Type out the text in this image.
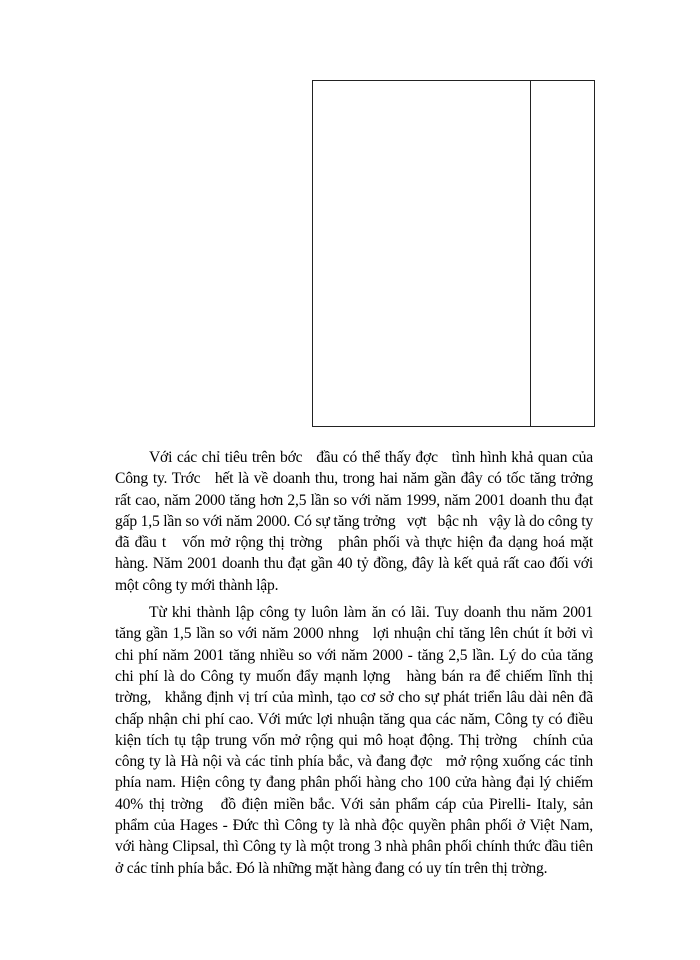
Với các chỉ tiêu trên bớc   đầu có thể thấy đợc   tình hình khả quan của
Công ty. Trớc   hết là về doanh thu, trong hai năm gần đây có tốc tăng trởng
rất cao, năm 2000 tăng hơn 2,5 lần so với năm 1999, năm 2001 doanh thu đạt
gấp 1,5 lần so với năm 2000. Có sự tăng trởng   vợt   bậc nh   vậy là do công ty
đã đầu t   vốn mở rộng thị trờng   phân phối và thực hiện đa dạng hoá mặt
hàng. Năm 2001 doanh thu đạt gần 40 tỷ đồng, đây là kết quả rất cao đối với
một công ty mới thành lập.

Từ khi thành lập công ty luôn làm ăn có lãi. Tuy doanh thu năm 2001
tăng gần 1,5 lần so với năm 2000 nhng   lợi nhuận chỉ tăng lên chút ít bởi vì
chi phí năm 2001 tăng nhiều so với năm 2000 - tăng 2,5 lần. Lý do của tăng
chi phí là do Công ty muốn đẩy mạnh lợng   hàng bán ra để chiếm lĩnh thị
trờng,   khẳng định vị trí của mình, tạo cơ sở cho sự phát triển lâu dài nên đã
chấp nhận chi phí cao. Với mức lợi nhuận tăng qua các năm, Công ty có điều
kiện tích tụ tập trung vốn mở rộng qui mô hoạt động. Thị trờng   chính của
công ty là Hà nội và các tỉnh phía bắc, và đang đợc   mở rộng xuống các tỉnh
phía nam. Hiện công ty đang phân phối hàng cho 100 cửa hàng đại lý chiếm
40% thị trờng   đồ điện miền bắc. Với sản phẩm cáp của Pirelli- Italy, sản
phẩm của Hages - Đức thì Công ty là nhà độc quyền phân phối ở Việt Nam,
với hàng Clipsal, thì Công ty là một trong 3 nhà phân phối chính thức đầu tiên
ở các tỉnh phía bắc. Đó là những mặt hàng đang có uy tín trên thị trờng.
